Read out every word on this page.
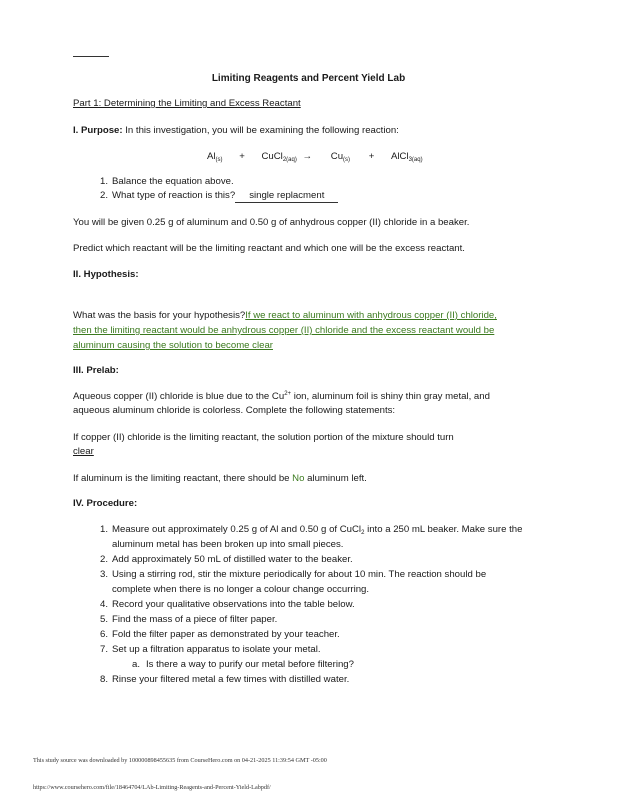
Limiting Reagents and Percent Yield Lab
Part 1: Determining the Limiting and Excess Reactant
I. Purpose: In this investigation, you will be examining the following reaction:
$Al_{(s)}$ + CuCl$_{2(aq)}$ → $Cu_{(s)}$ + AlCl$_{3(aq)}$
1. Balance the equation above.
2. What type of reaction is this? single replacment
You will be given 0.25 g of aluminum and 0.50 g of anhydrous copper (II) chloride in a beaker.
Predict which reactant will be the limiting reactant and which one will be the excess reactant.
II. Hypothesis:
What was the basis for your hypothesis?If we react to aluminum with anhydrous copper (II) chloride,
then the limiting reactant would be anhydrous copper (II) chloride and the excess reactant would be
aluminum causing the solution to become clear
III. Prelab:
Aqueous copper (II) chloride is blue due to the $Cu^{2+}$ ion, aluminum foil is shiny thin gray metal, and
aqueous aluminum chloride is colorless. Complete the following statements:
If copper (II) chloride is the limiting reactant, the solution portion of the mixture should turn
clear
If aluminum is the limiting reactant, there should be No aluminum left.
IV. Procedure:
1. Measure out approximately 0.25 g of Al and 0.50 g of CuCl$_2$ into a 250 mL beaker. Make sure the
aluminum metal has been broken up into small pieces.
2. Add approximately 50 mL of distilled water to the beaker.
3. Using a stirring rod, stir the mixture periodically for about 10 min. The reaction should be
complete when there is no longer a colour change occurring.
4. Record your qualitative observations into the table below.
5. Find the mass of a piece of filter paper.
6. Fold the filter paper as demonstrated by your teacher.
7. Set up a filtration apparatus to isolate your metal.
a. Is there a way to purify our metal before filtering?
8. Rinse your filtered metal a few times with distilled water.
This study source was downloaded by 100000898455635 from CourseHero.com on 04-21-2025 11:39:54 GMT -05:00
https://www.coursehero.com/file/18464704/LAb-Limiting-Reagents-and-Percent-Yield-Labpdf/
